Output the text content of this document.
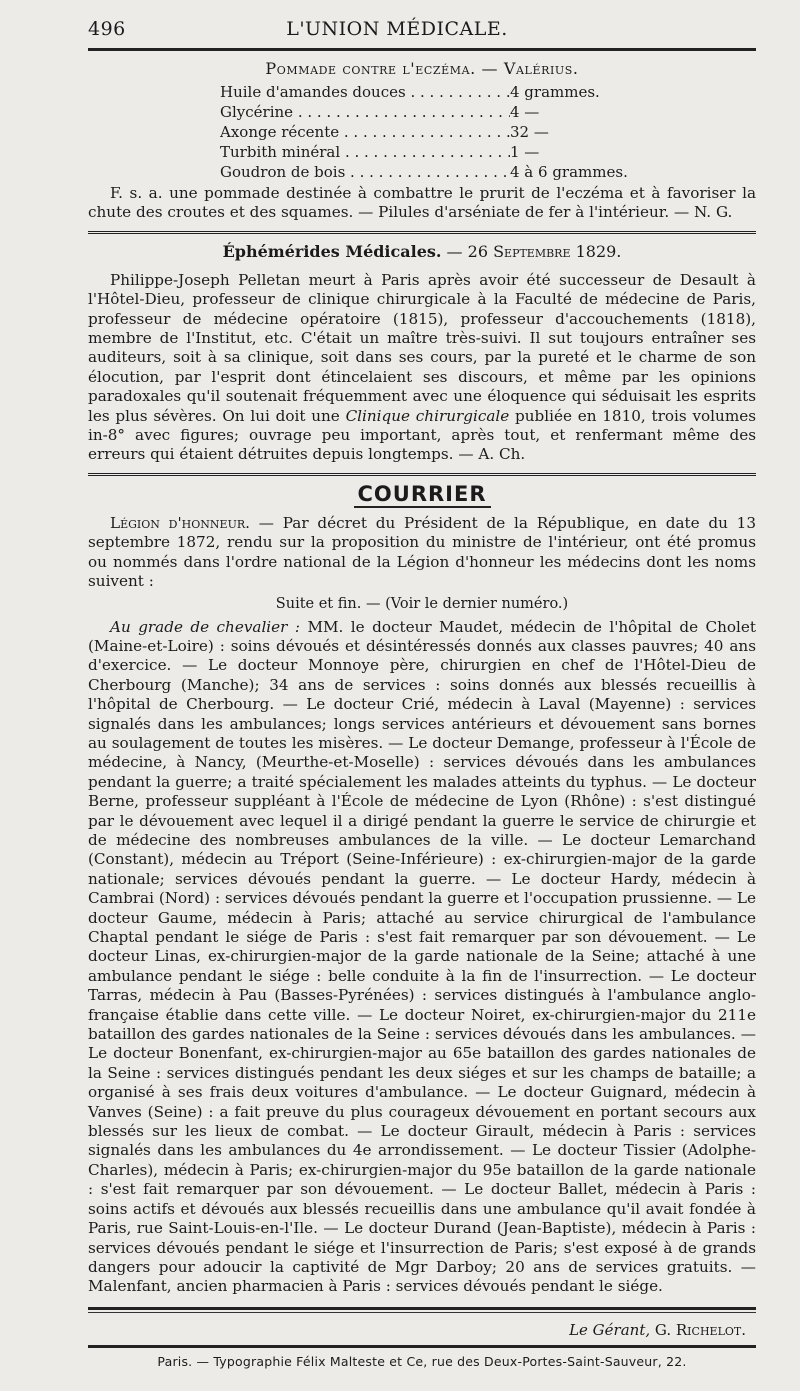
496	L'UNION MÉDICALE.
Pommade contre l'eczéma. — Valérius.
Huile d'amandes douces . . .	4 grammes.
Glycérine . . .	4 —
Axonge récente . . .	32 —
Turbith minéral . . .	1 —
Goudron de bois . . .	4 à 6 grammes.

F. s. a. une pommade destinée à combattre le prurit de l'eczéma et à favoriser la chute des croutes et des squames. — Pilules d'arséniate de fer à l'intérieur. — N. G.

Éphémérides Médicales. — 26 Septembre 1829.

Philippe-Joseph Pelletan meurt à Paris après avoir été successeur de Desault à l'Hôtel-Dieu, professeur de clinique chirurgicale à la Faculté de médecine de Paris, professeur de médecine opératoire (1815), professeur d'accouchements (1818), membre de l'Institut, etc. C'était un maître très-suivi. Il sut toujours entraîner ses auditeurs, soit à sa clinique, soit dans ses cours, par la pureté et le charme de son élocution, par l'esprit dont étincelaient ses discours, et même par les opinions paradoxales qu'il soutenait fréquemment avec une éloquence qui séduisait les esprits les plus sévères. On lui doit une Clinique chirurgicale publiée en 1810, trois volumes in-8° avec figures; ouvrage peu important, après tout, et renfermant même des erreurs qui étaient détruites depuis longtemps. — A. Ch.

COURRIER

Légion d'honneur. — Par décret du Président de la République, en date du 13 septembre 1872, rendu sur la proposition du ministre de l'intérieur, ont été promus ou nommés dans l'ordre national de la Légion d'honneur les médecins dont les noms suivent :

Suite et fin. — (Voir le dernier numéro.)

Au grade de chevalier : MM. le docteur Maudet, médecin de l'hôpital de Cholet (Maine-et-Loire) : soins dévoués et désintéressés donnés aux classes pauvres; 40 ans d'exercice. — Le docteur Monnoye père, chirurgien en chef de l'Hôtel-Dieu de Cherbourg (Manche); 34 ans de services : soins donnés aux blessés recueillis à l'hôpital de Cherbourg. — Le docteur Crié, médecin à Laval (Mayenne) : services signalés dans les ambulances; longs services antérieurs et dévouement sans bornes au soulagement de toutes les misères. — Le docteur Demange, professeur à l'École de médecine, à Nancy, (Meurthe-et-Moselle) : services dévoués dans les ambulances pendant la guerre; a traité spécialement les malades atteints du typhus. — Le docteur Berne, professeur suppléant à l'École de médecine de Lyon (Rhône) : s'est distingué par le dévouement avec lequel il a dirigé pendant la guerre le service de chirurgie et de médecine des nombreuses ambulances de la ville. — Le docteur Lemarchand (Constant), médecin au Tréport (Seine-Inférieure) : ex-chirurgien-major de la garde nationale; services dévoués pendant la guerre. — Le docteur Hardy, médecin à Cambrai (Nord) : services dévoués pendant la guerre et l'occupation prussienne. — Le docteur Gaume, médecin à Paris; attaché au service chirurgical de l'ambulance Chaptal pendant le siége de Paris : s'est fait remarquer par son dévouement. — Le docteur Linas, ex-chirurgien-major de la garde nationale de la Seine; attaché à une ambulance pendant le siége : belle conduite à la fin de l'insurrection. — Le docteur Tarras, médecin à Pau (Basses-Pyrénées) : services distingués à l'ambulance anglo-française établie dans cette ville. — Le docteur Noiret, ex-chirurgien-major du 211e bataillon des gardes nationales de la Seine : services dévoués dans les ambulances. — Le docteur Bonenfant, ex-chirurgien-major au 65e bataillon des gardes nationales de la Seine : services distingués pendant les deux siéges et sur les champs de bataille; a organisé à ses frais deux voitures d'ambulance. — Le docteur Guignard, médecin à Vanves (Seine) : a fait preuve du plus courageux dévouement en portant secours aux blessés sur les lieux de combat. — Le docteur Girault, médecin à Paris : services signalés dans les ambulances du 4e arrondissement. — Le docteur Tissier (Adolphe-Charles), médecin à Paris; ex-chirurgien-major du 95e bataillon de la garde nationale : s'est fait remarquer par son dévouement. — Le docteur Ballet, médecin à Paris : soins actifs et dévoués aux blessés recueillis dans une ambulance qu'il avait fondée à Paris, rue Saint-Louis-en-l'Ile. — Le docteur Durand (Jean-Baptiste), médecin à Paris : services dévoués pendant le siége et l'insurrection de Paris; s'est exposé à de grands dangers pour adoucir la captivité de Mgr Darboy; 20 ans de services gratuits. — Malenfant, ancien pharmacien à Paris : services dévoués pendant le siége.

Le Gérant, G. Richelot.
Paris. — Typographie Félix Malteste et Ce, rue des Deux-Portes-Saint-Sauveur, 22.
